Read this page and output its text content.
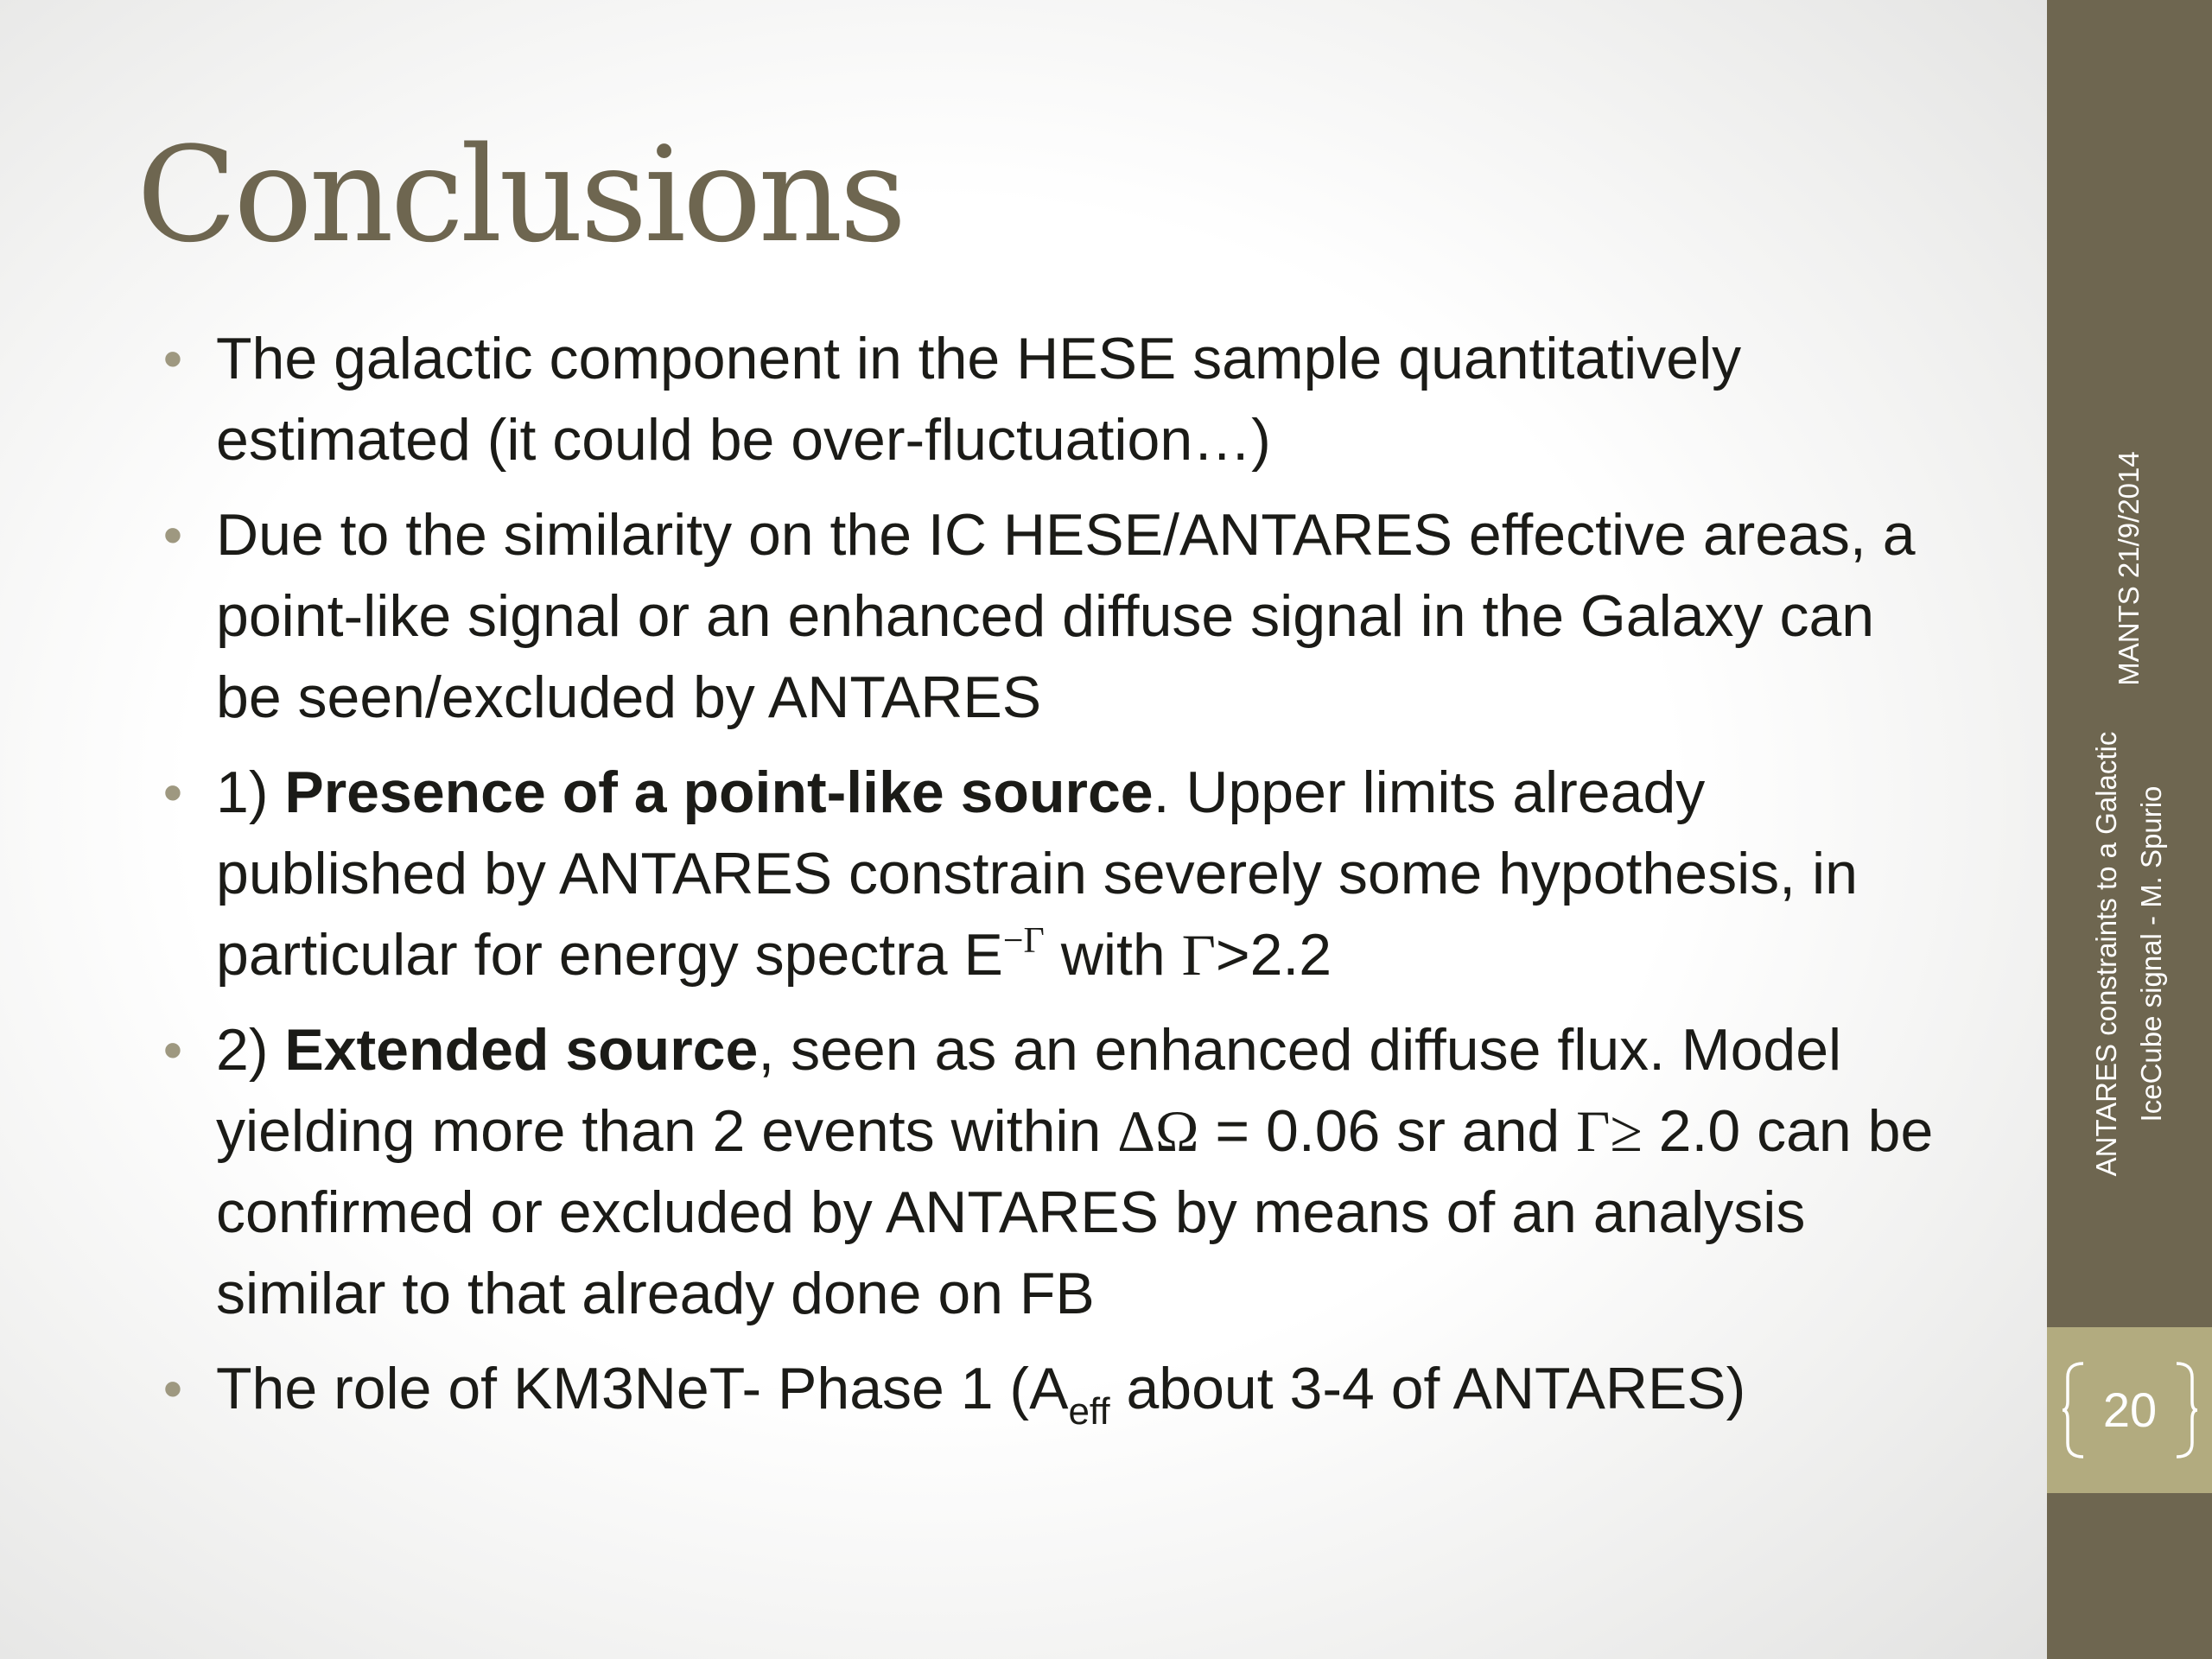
Conclusions
• The galactic component in the HESE sample quantitatively estimated (it could be over-fluctuation…)
• Due to the similarity on the IC HESE/ANTARES effective areas, a point-like signal or an enhanced diffuse signal in the Galaxy can be seen/excluded by ANTARES
• 1) Presence of a point-like source. Upper limits already published by ANTARES constrain severely some hypothesis, in particular for energy spectra $E^{-\Gamma}$ with Γ>2.2
• 2) Extended source, seen as an enhanced diffuse flux. Model yielding more than 2 events within ΔΩ = 0.06 sr and Γ≥ 2.0 can be confirmed or excluded by ANTARES by means of an analysis similar to that already done on FB
• The role of KM3NeT- Phase 1 ($A_{eff}$ about 3-4 of ANTARES)
MANTS 21/9/2014
ANTARES constraints to a Galactic IceCube signal - M. Spurio
20
